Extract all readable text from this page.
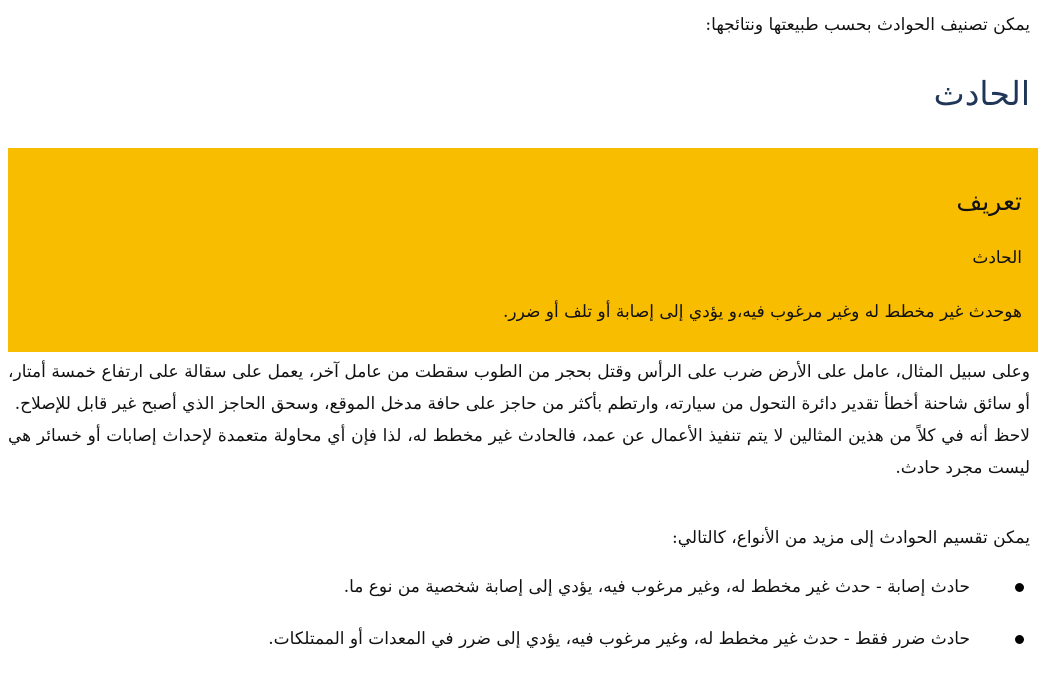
يمكن تصنيف الحوادث بحسب طبيعتها ونتائجها:

الحادث
تعريف

الحادث

هوحدث غير مخطط له وغير مرغوب فيه،و يؤدي إلى إصابة أو تلف أو ضرر.

وعلى سبيل المثال، عامل على الأرض ضرب على الرأس وقتل بحجر من الطوب سقطت من عامل آخر، يعمل على سقالة على ارتفاع خمسة أمتار، أو سائق شاحنة أخطأ تقدير دائرة التحول من سيارته، وارتطم بأكثر من حاجز على حافة مدخل الموقع، وسحق الحاجز الذي أصبح غير قابل للإصلاح.
لاحظ أنه في كلاً من هذين المثالين لا يتم تنفيذ الأعمال عن عمد، فالحادث غير مخطط له، لذا فإن أي محاولة متعمدة لإحداث إصابات أو خسائر هي ليست مجرد حادث.

يمكن تقسيم الحوادث إلى مزيد من الأنواع، كالتالي:

حادث إصابة - حدث غير مخطط له، وغير مرغوب فيه، يؤدي إلى إصابة شخصية من نوع ما.
حادث ضرر فقط - حدث غير مخطط له، وغير مرغوب فيه، يؤدي إلى ضرر في المعدات أو الممتلكات.
